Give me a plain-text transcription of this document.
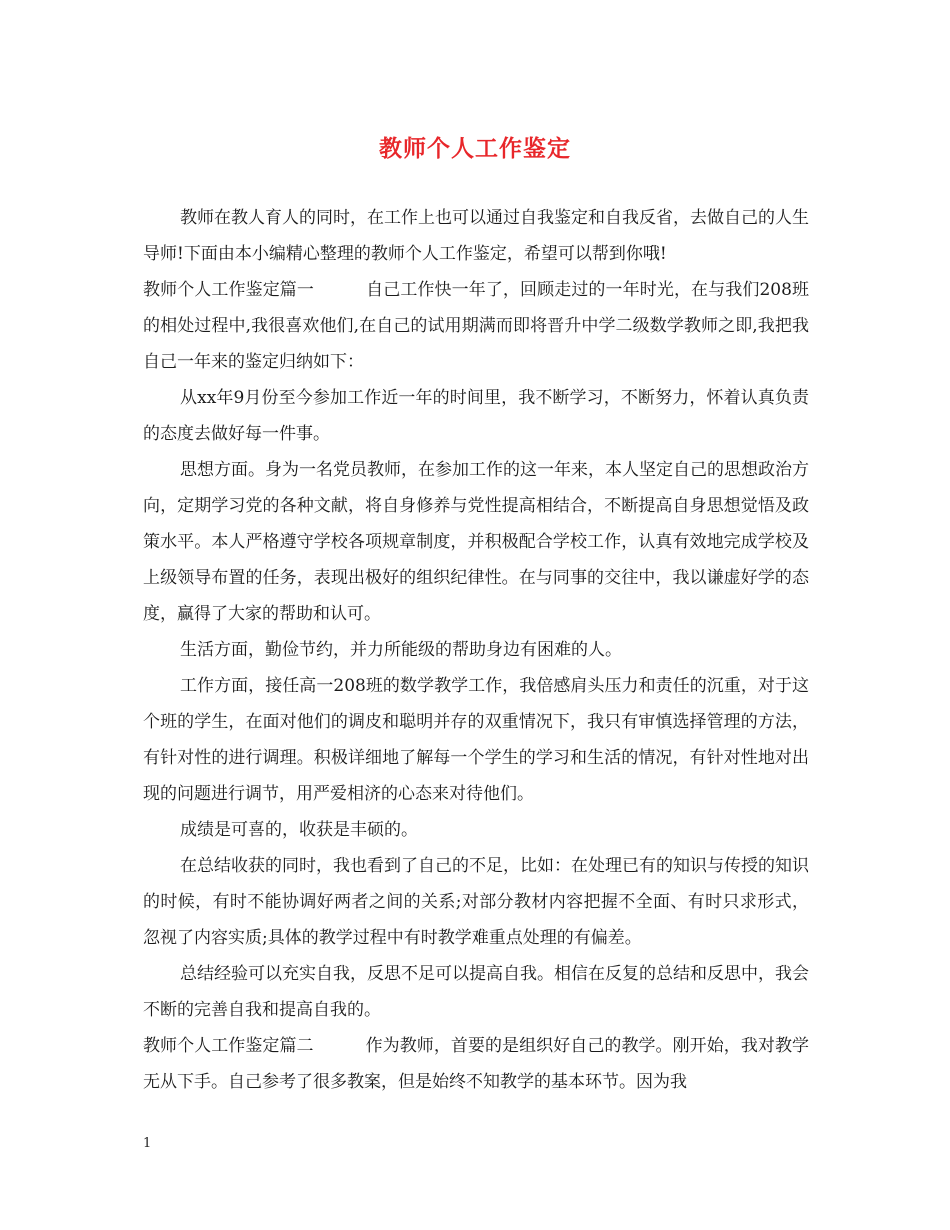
教师个人工作鉴定

教师在教人育人的同时，在工作上也可以通过自我鉴定和自我反省，去做自己的人生导师!下面由本小编精心整理的教师个人工作鉴定，希望可以帮到你哦!

教师个人工作鉴定篇一	自己工作快一年了，回顾走过的一年时光，在与我们208班的相处过程中,我很喜欢他们,在自己的试用期满而即将晋升中学二级数学教师之即,我把我自己一年来的鉴定归纳如下：

从xx年9月份至今参加工作近一年的时间里，我不断学习，不断努力，怀着认真负责的态度去做好每一件事。

思想方面。身为一名党员教师，在参加工作的这一年来，本人坚定自己的思想政治方向，定期学习党的各种文献，将自身修养与党性提高相结合，不断提高自身思想觉悟及政策水平。本人严格遵守学校各项规章制度，并积极配合学校工作，认真有效地完成学校及上级领导布置的任务，表现出极好的组织纪律性。在与同事的交往中，我以谦虚好学的态度，赢得了大家的帮助和认可。

生活方面，勤俭节约，并力所能级的帮助身边有困难的人。

工作方面，接任高一208班的数学教学工作，我倍感肩头压力和责任的沉重，对于这个班的学生，在面对他们的调皮和聪明并存的双重情况下，我只有审慎选择管理的方法，有针对性的进行调理。积极详细地了解每一个学生的学习和生活的情况，有针对性地对出现的问题进行调节，用严爱相济的心态来对待他们。

成绩是可喜的，收获是丰硕的。

在总结收获的同时，我也看到了自己的不足，比如：在处理已有的知识与传授的知识的时候，有时不能协调好两者之间的关系;对部分教材内容把握不全面、有时只求形式，忽视了内容实质;具体的教学过程中有时教学难重点处理的有偏差。

总结经验可以充实自我，反思不足可以提高自我。相信在反复的总结和反思中，我会不断的完善自我和提高自我的。

教师个人工作鉴定篇二	作为教师，首要的是组织好自己的教学。刚开始，我对教学无从下手。自己参考了很多教案，但是始终不知教学的基本环节。因为我

1
